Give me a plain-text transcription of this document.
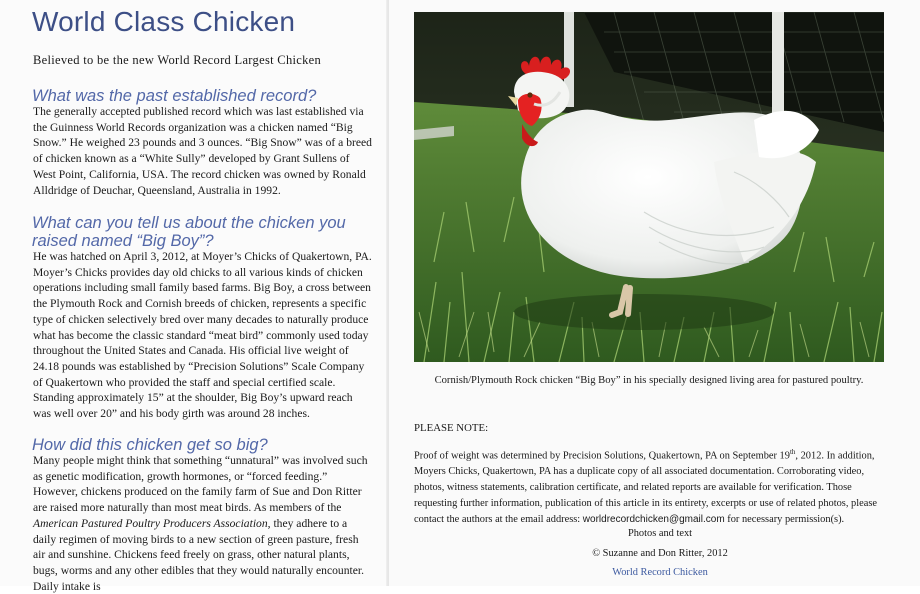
World Class Chicken

Believed to be the new World Record Largest Chicken

What was the past established record?

The generally accepted published record which was last established via the Guinness World Records organization was a chicken named “Big Snow.” He weighed 23 pounds and 3 ounces. “Big Snow” was of a breed of chicken known as a “White Sully” developed by Grant Sullens of West Point, California, USA. The record chicken was owned by Ronald Alldridge of Deuchar, Queensland, Australia in 1992.

What can you tell us about the chicken you
raised named “Big Boy”?

He was hatched on April 3, 2012, at Moyer’s Chicks of Quakertown, PA. Moyer’s Chicks provides day old chicks to all various kinds of chicken operations including small family based farms. Big Boy, a cross between the Plymouth Rock and Cornish breeds of chicken, represents a specific type of chicken selectively bred over many decades to naturally produce what has become the classic standard “meat bird” commonly used today throughout the United States and Canada. His official live weight of 24.18 pounds was established by “Precision Solutions” Scale Company of Quakertown who provided the staff and special certified scale. Standing approximately 15” at the shoulder, Big Boy’s upward reach was well over 20” and his body girth was around 28 inches.

How did this chicken get so big?

Many people might think that something “unnatural” was involved such as genetic modification, growth hormones, or “forced feeding.” However, chickens produced on the family farm of Sue and Don Ritter are raised more naturally than most meat birds. As members of the American Pastured Poultry Producers Association, they adhere to a daily regimen of moving birds to a new section of green pasture, fresh air and sunshine. Chickens feed freely on grass, other natural plants, bugs, worms and any other edibles that they would naturally encounter. Daily intake is

Cornish/Plymouth Rock chicken “Big Boy” in his specially designed living area for pastured poultry.

PLEASE NOTE:

Proof of weight was determined by Precision Solutions, Quakertown, PA on September 19th, 2012. In addition, Moyers Chicks, Quakertown, PA has a duplicate copy of all associated documentation. Corroborating video, photos, witness statements, calibration certificate, and related reports are available for verification. Those requesting further information, publication of this article in its entirety, excerpts or use of related photos, please contact the authors at the email address: worldrecordchicken@gmail.com for necessary permission(s).

Photos and text

© Suzanne and Don Ritter, 2012

World Record Chicken
